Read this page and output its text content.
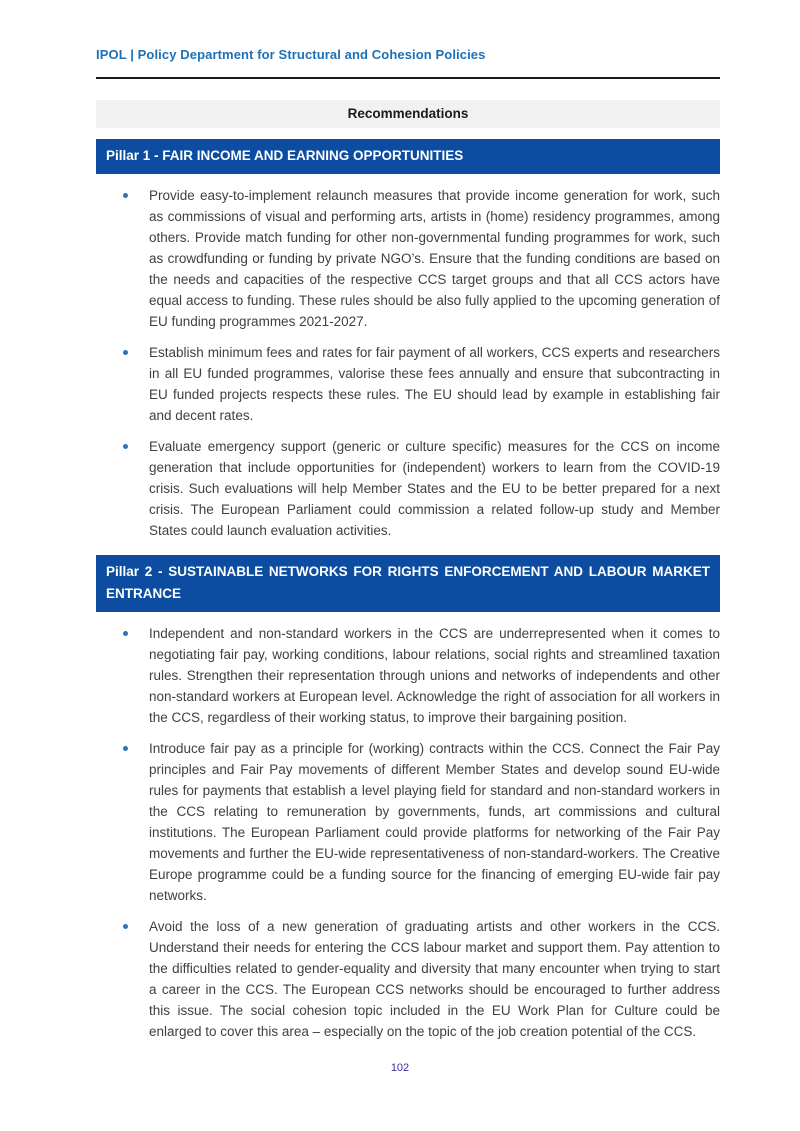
IPOL | Policy Department for Structural and Cohesion Policies
Recommendations
Pillar 1 - FAIR INCOME AND EARNING OPPORTUNITIES
Provide easy-to-implement relaunch measures that provide income generation for work, such as commissions of visual and performing arts, artists in (home) residency programmes, among others. Provide match funding for other non-governmental funding programmes for work, such as crowdfunding or funding by private NGO’s. Ensure that the funding conditions are based on the needs and capacities of the respective CCS target groups and that all CCS actors have equal access to funding. These rules should be also fully applied to the upcoming generation of EU funding programmes 2021-2027.
Establish minimum fees and rates for fair payment of all workers, CCS experts and researchers in all EU funded programmes, valorise these fees annually and ensure that subcontracting in EU funded projects respects these rules. The EU should lead by example in establishing fair and decent rates.
Evaluate emergency support (generic or culture specific) measures for the CCS on income generation that include opportunities for (independent) workers to learn from the COVID-19 crisis. Such evaluations will help Member States and the EU to be better prepared for a next crisis. The European Parliament could commission a related follow-up study and Member States could launch evaluation activities.
Pillar 2 - SUSTAINABLE NETWORKS FOR RIGHTS ENFORCEMENT AND LABOUR MARKET ENTRANCE
Independent and non-standard workers in the CCS are underrepresented when it comes to negotiating fair pay, working conditions, labour relations, social rights and streamlined taxation rules. Strengthen their representation through unions and networks of independents and other non-standard workers at European level. Acknowledge the right of association for all workers in the CCS, regardless of their working status, to improve their bargaining position.
Introduce fair pay as a principle for (working) contracts within the CCS. Connect the Fair Pay principles and Fair Pay movements of different Member States and develop sound EU-wide rules for payments that establish a level playing field for standard and non-standard workers in the CCS relating to remuneration by governments, funds, art commissions and cultural institutions. The European Parliament could provide platforms for networking of the Fair Pay movements and further the EU-wide representativeness of non-standard-workers. The Creative Europe programme could be a funding source for the financing of emerging EU-wide fair pay networks.
Avoid the loss of a new generation of graduating artists and other workers in the CCS. Understand their needs for entering the CCS labour market and support them. Pay attention to the difficulties related to gender-equality and diversity that many encounter when trying to start a career in the CCS. The European CCS networks should be encouraged to further address this issue. The social cohesion topic included in the EU Work Plan for Culture could be enlarged to cover this area – especially on the topic of the job creation potential of the CCS.
102
